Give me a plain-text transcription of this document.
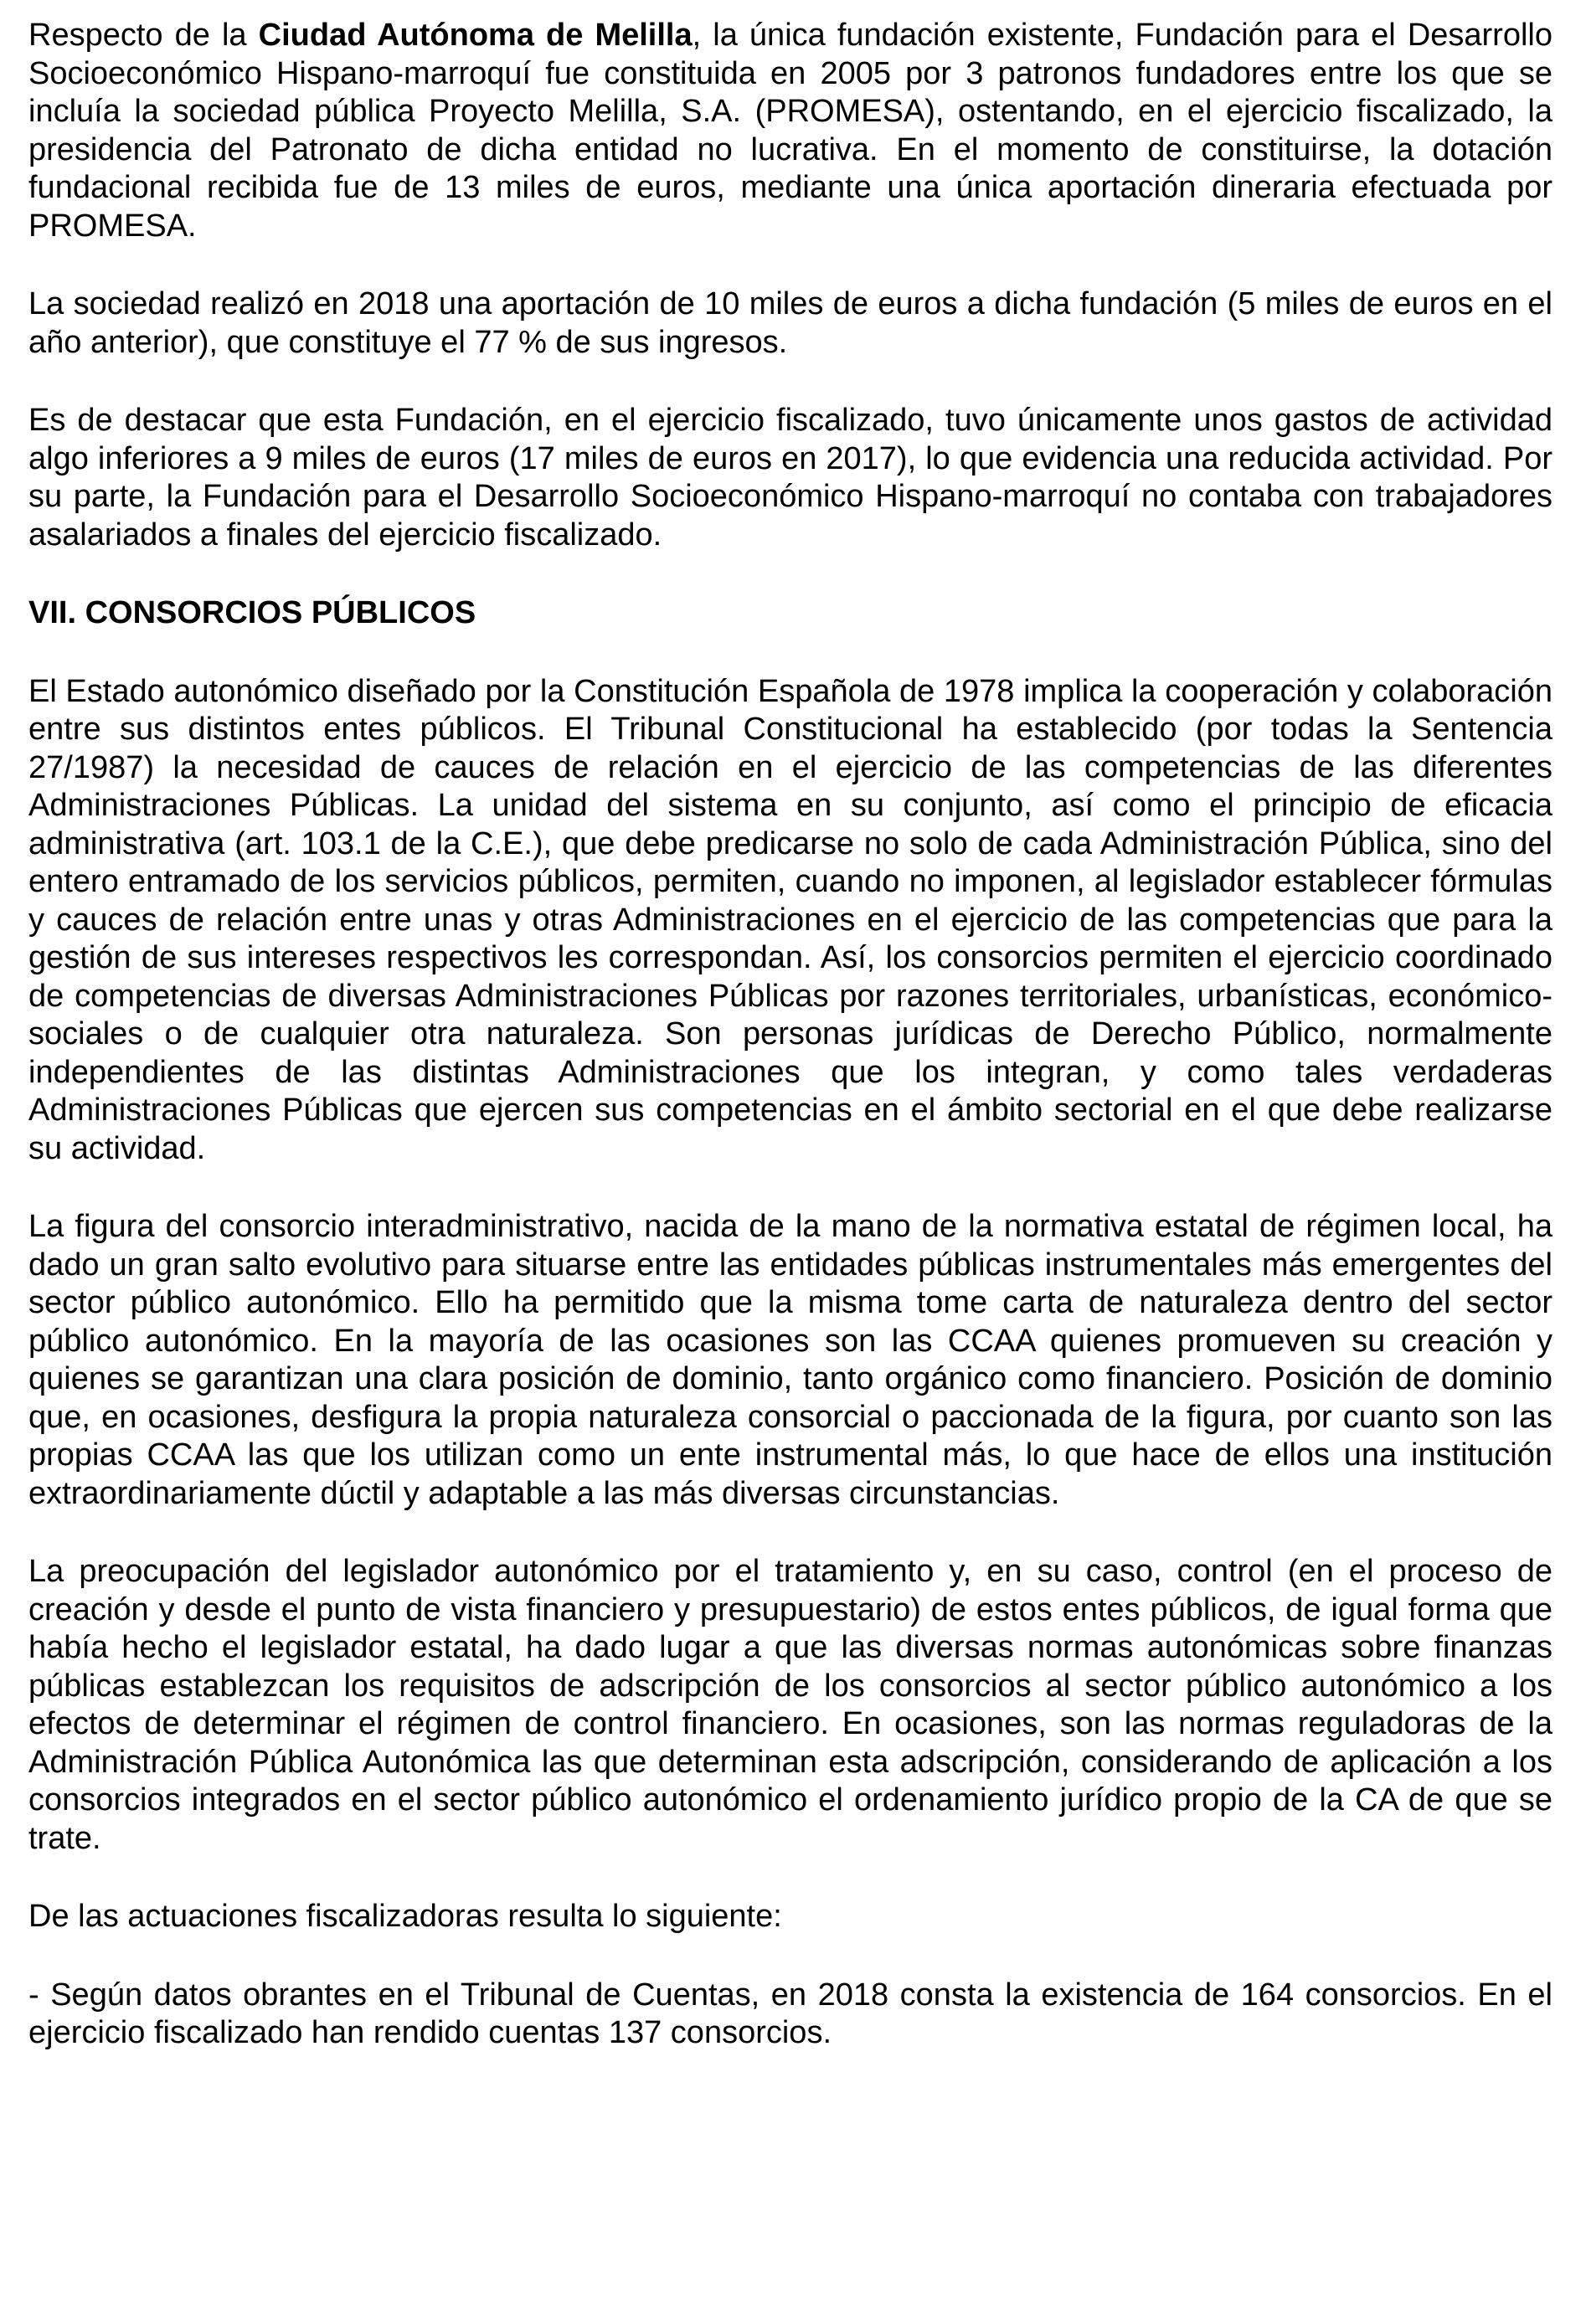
Respecto de la Ciudad Autónoma de Melilla, la única fundación existente, Fundación para el Desarrollo Socioeconómico Hispano-marroquí fue constituida en 2005 por 3 patronos fundadores entre los que se incluía la sociedad pública Proyecto Melilla, S.A. (PROMESA), ostentando, en el ejercicio fiscalizado, la presidencia del Patronato de dicha entidad no lucrativa. En el momento de constituirse, la dotación fundacional recibida fue de 13 miles de euros, mediante una única aportación dineraria efectuada por PROMESA.

La sociedad realizó en 2018 una aportación de 10 miles de euros a dicha fundación (5 miles de euros en el año anterior), que constituye el 77 % de sus ingresos.

Es de destacar que esta Fundación, en el ejercicio fiscalizado, tuvo únicamente unos gastos de actividad algo inferiores a 9 miles de euros (17 miles de euros en 2017), lo que evidencia una reducida actividad. Por su parte, la Fundación para el Desarrollo Socioeconómico Hispano-marroquí no contaba con trabajadores asalariados a finales del ejercicio fiscalizado.

VII. CONSORCIOS PÚBLICOS

El Estado autonómico diseñado por la Constitución Española de 1978 implica la cooperación y colaboración entre sus distintos entes públicos. El Tribunal Constitucional ha establecido (por todas la Sentencia 27/1987) la necesidad de cauces de relación en el ejercicio de las competencias de las diferentes Administraciones Públicas. La unidad del sistema en su conjunto, así como el principio de eficacia administrativa (art. 103.1 de la C.E.), que debe predicarse no solo de cada Administración Pública, sino del entero entramado de los servicios públicos, permiten, cuando no imponen, al legislador establecer fórmulas y cauces de relación entre unas y otras Administraciones en el ejercicio de las competencias que para la gestión de sus intereses respectivos les correspondan. Así, los consorcios permiten el ejercicio coordinado de competencias de diversas Administraciones Públicas por razones territoriales, urbanísticas, económico-sociales o de cualquier otra naturaleza. Son personas jurídicas de Derecho Público, normalmente independientes de las distintas Administraciones que los integran, y como tales verdaderas Administraciones Públicas que ejercen sus competencias en el ámbito sectorial en el que debe realizarse su actividad.

La figura del consorcio interadministrativo, nacida de la mano de la normativa estatal de régimen local, ha dado un gran salto evolutivo para situarse entre las entidades públicas instrumentales más emergentes del sector público autonómico. Ello ha permitido que la misma tome carta de naturaleza dentro del sector público autonómico. En la mayoría de las ocasiones son las CCAA quienes promueven su creación y quienes se garantizan una clara posición de dominio, tanto orgánico como financiero. Posición de dominio que, en ocasiones, desfigura la propia naturaleza consorcial o paccionada de la figura, por cuanto son las propias CCAA las que los utilizan como un ente instrumental más, lo que hace de ellos una institución extraordinariamente dúctil y adaptable a las más diversas circunstancias.

La preocupación del legislador autonómico por el tratamiento y, en su caso, control (en el proceso de creación y desde el punto de vista financiero y presupuestario) de estos entes públicos, de igual forma que había hecho el legislador estatal, ha dado lugar a que las diversas normas autonómicas sobre finanzas públicas establezcan los requisitos de adscripción de los consorcios al sector público autonómico a los efectos de determinar el régimen de control financiero. En ocasiones, son las normas reguladoras de la Administración Pública Autonómica las que determinan esta adscripción, considerando de aplicación a los consorcios integrados en el sector público autonómico el ordenamiento jurídico propio de la CA de que se trate.

De las actuaciones fiscalizadoras resulta lo siguiente:

- Según datos obrantes en el Tribunal de Cuentas, en 2018 consta la existencia de 164 consorcios. En el ejercicio fiscalizado han rendido cuentas 137 consorcios.
